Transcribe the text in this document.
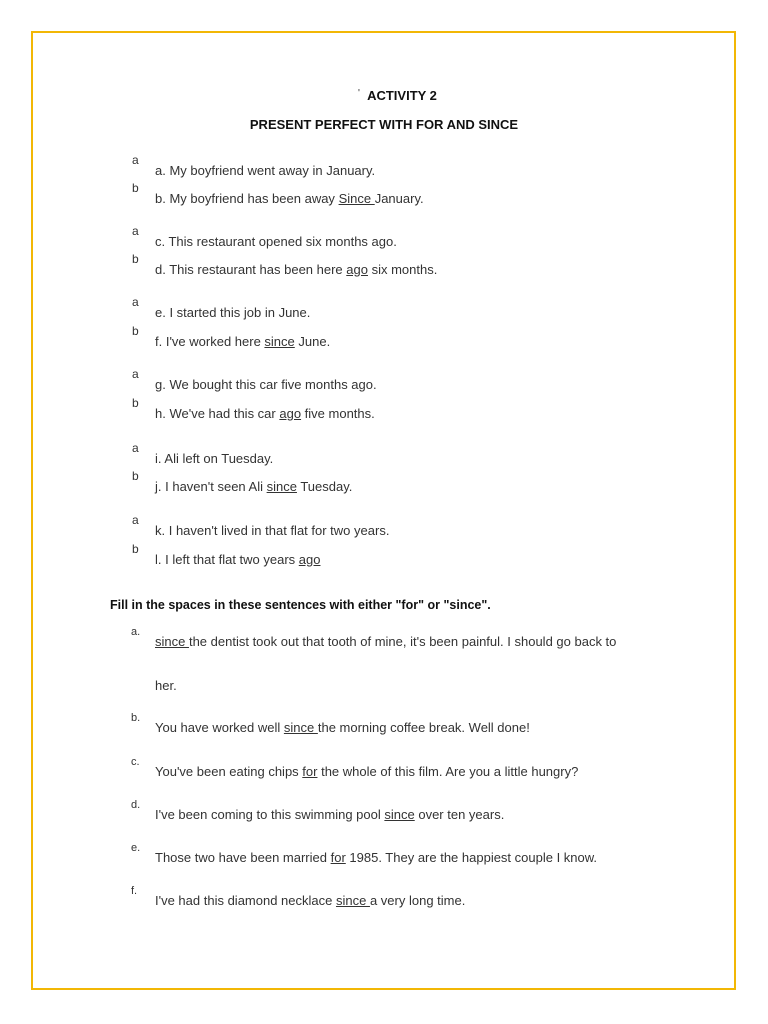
' ACTIVITY 2
PRESENT PERFECT WITH FOR AND SINCE
a
a. My boyfriend went away in January.
b
b. My boyfriend has been away Since January.
a
c. This restaurant opened six months ago.
b
d. This restaurant has been here ago six months.
a
e. I started this job in June.
b
f. I've worked here since June.
a
g. We bought this car five months ago.
b
h. We've had this car ago five months.
a
i. Ali left on Tuesday.
b
j. I haven't seen Ali since Tuesday.
a
k. I haven't lived in that flat for two years.
b
l. I left that flat two years ago
Fill in the spaces in these sentences with either "for" or "since".
a.
since the dentist took out that tooth of mine, it's been painful. I should go back to
her.
b.
You have worked well since the morning coffee break. Well done!
c.
You've been eating chips for the whole of this film. Are you a little hungry?
d.
I've been coming to this swimming pool since over ten years.
e.
Those two have been married for 1985. They are the happiest couple I know.
f.
I've had this diamond necklace since a very long time.
